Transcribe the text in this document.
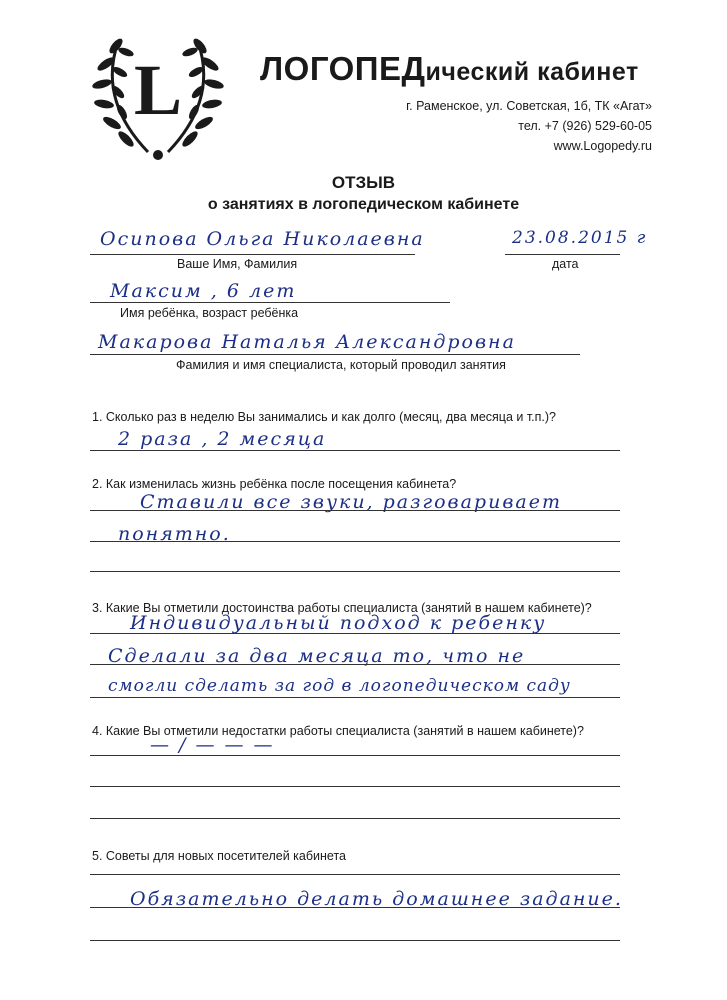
L ЛОГОПЕДический кабинет
г. Раменское, ул. Советская, 1б, ТК «Агат»
тел. +7 (926) 529-60-05
www.Logopedy.ru
ОТЗЫВ
о занятиях в логопедическом кабинете
Осипова Ольга Николаевна
Ваше Имя, Фамилия
23.08.2015 г
дата
Максим , 6 лет
Имя ребёнка, возраст ребёнка
Макарова Наталья Александровна
Фамилия и имя специалиста, который проводил занятия
1. Сколько раз в неделю Вы занимались и как долго (месяц, два месяца и т.п.)?
2 раза , 2 месяца
2. Как изменилась жизнь ребёнка после посещения кабинета?
Ставили все звуки, разговаривает
понятно.
3. Какие Вы отметили достоинства работы специалиста (занятий в нашем кабинете)?
Индивидуальный подход к ребенку
Сделали за два месяца то, что не
смогли сделать за год в логопедическом саду
4. Какие Вы отметили недостатки работы специалиста (занятий в нашем кабинете)?
— / — — —
5. Советы для новых посетителей кабинета
Обязательно делать домашнее задание.
